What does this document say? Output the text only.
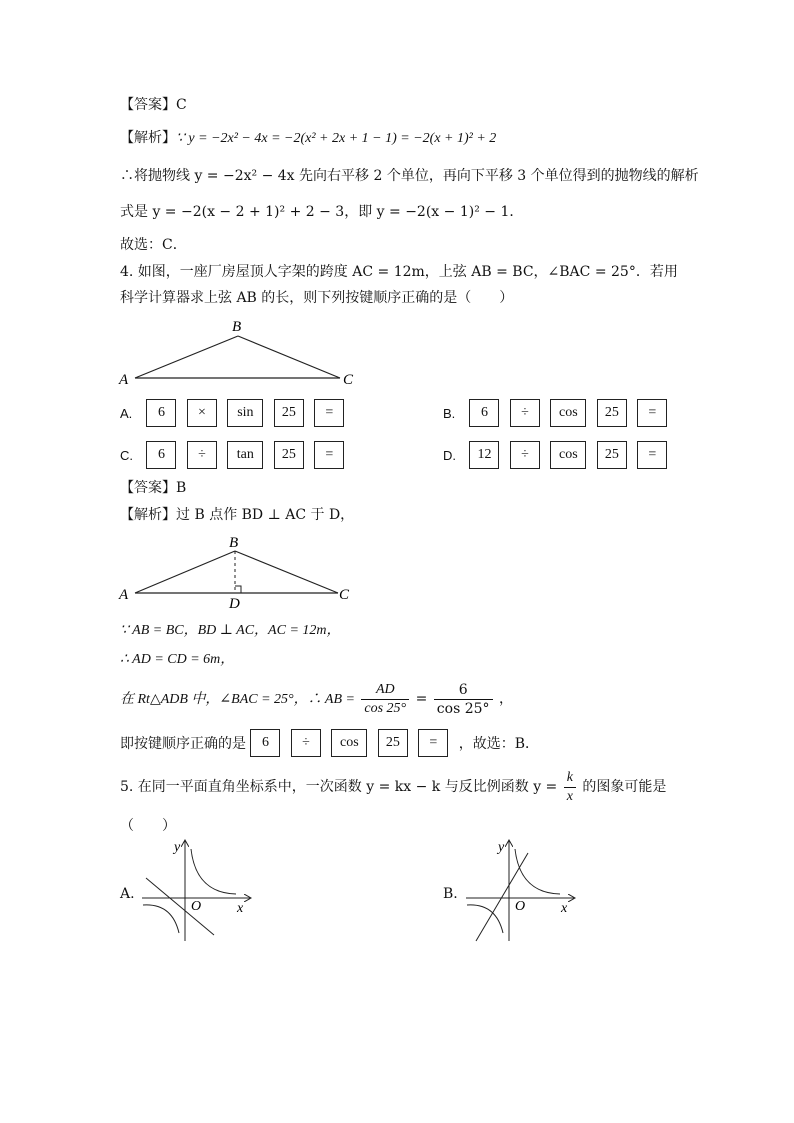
【答案】C
【解析】∵ y = −2x² − 4x = −2(x² + 2x + 1 − 1) = −2(x + 1)² + 2
∴将抛物线 y = −2x² − 4x 先向右平移 2 个单位，再向下平移 3 个单位得到的抛物线的解析
式是 y = −2(x − 2 + 1)² + 2 − 3，即 y = −2(x − 1)² − 1．
故选：C．
4. 如图，一座厂房屋顶人字架的跨度 AC = 12m，上弦 AB = BC，∠BAC = 25°．若用
科学计算器求上弦 AB 的长，则下列按键顺序正确的是（　　）
B
A	C
A. 6 × sin 25 =	B. 6 ÷ cos 25 =
C. 6 ÷ tan 25 =	D. 12 ÷ cos 25 =
【答案】B
【解析】过 B 点作 BD ⊥ AC 于 D，
B
A	C
D
∵ AB = BC，BD ⊥ AC，AC = 12m，
∴ AD = CD = 6m，
在 Rt△ADB 中，∠BAC = 25°，∴ AB = $\frac{AD}{\cos 25^\circ} = \frac{6}{\cos 25^\circ}$ ，
即按键顺序正确的是 6 ÷ cos 25 = ，故选：B．
5. 在同一平面直角坐标系中，一次函数 y = kx − k 与反比例函数 $y = \frac{k}{x}$ 的图象可能是
（　　）
A.
y
x
O
B.
y
x
O
